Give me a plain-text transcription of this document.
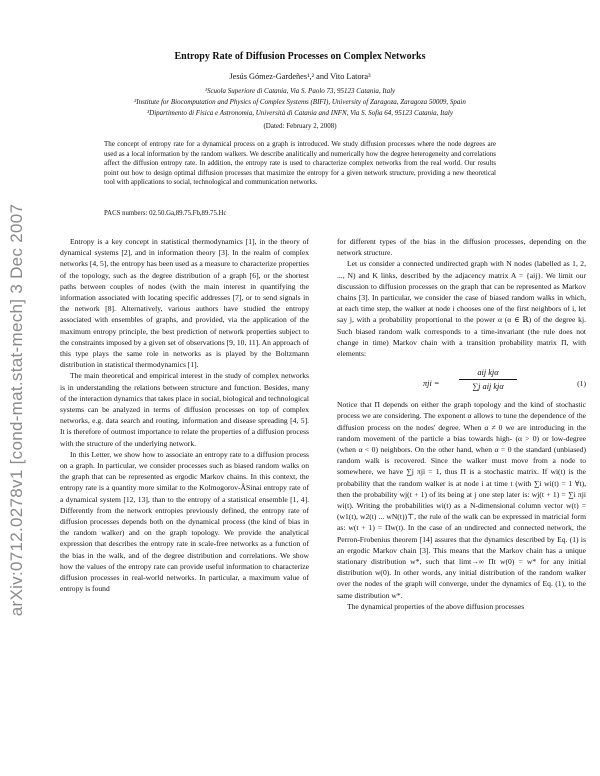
arXiv:0712.0278v1 [cond-mat.stat-mech] 3 Dec 2007
Entropy Rate of Diffusion Processes on Complex Networks
Jesús Gómez-Gardeñes¹,² and Vito Latora³
¹Scuola Superiore di Catania, Via S. Paolo 73, 95123 Catania, Italy
²Institute for Biocomputation and Physics of Complex Systems (BIFI), University of Zaragoza, Zaragoza 50009, Spain
³Dipartimento di Fisica e Astronomia, Università di Catania and INFN, Via S. Sofia 64, 95123 Catania, Italy
(Dated: February 2, 2008)

The concept of entropy rate for a dynamical process on a graph is introduced. We study diffusion processes where the node degrees are used as a local information by the random walkers. We describe analitically and numerically how the degree heterogeneity and correlations affect the diffusion entropy rate. In addition, the entropy rate is used to characterize complex networks from the real world. Our results point out how to design optimal diffusion processes that maximize the entropy for a given network structure, providing a new theoretical tool with applications to social, technological and communication networks.

PACS numbers: 02.50.Ga,89.75.Fb,89.75.Hc

Entropy is a key concept in statistical thermodynamics [1], in the theory of dynamical systems [2], and in information theory [3]. In the realm of complex networks [4, 5], the entropy has been used as a measure to characterize properties of the topology, such as the degree distribution of a graph [6], or the shortest paths between couples of nodes (with the main interest in quantifying the information associated with locating specific addresses [7], or to send signals in the network [8]. Alternatively, various authors have studied the entropy associated with ensembles of graphs, and provided, via the application of the maximum entropy principle, the best prediction of network properties subject to the constraints imposed by a given set of observations [9, 10, 11]. An approach of this type plays the same role in networks as is played by the Boltzmann distribution in statistical thermodynamics [1].

The main theoretical and empirical interest in the study of complex networks is in understanding the relations between structure and function. Besides, many of the interaction dynamics that takes place in social, biological and technological systems can be analyzed in terms of diffusion processes on top of complex networks, e.g. data search and routing, information and disease spreading [4, 5]. It is therefore of outmost importance to relate the properties of a diffusion process with the structure of the underlying network.

In this Letter, we show how to associate an entropy rate to a diffusion process on a graph. In particular, we consider processes such as biased random walks on the graph that can be represented as ergodic Markov chains. In this context, the entropy rate is a quantity more similar to the Kolmogorov-ÂSinai entropy rate of a dynamical system [12, 13], than to the entropy of a statistical ensemble [1, 4]. Differently from the network entropies previously defined, the entropy rate of diffusion processes depends both on the dynamical process (the kind of bias in the random walker) and on the graph topology. We provide the analytical expression that describes the entropy rate in scale-free networks as a function of the bias in the walk, and of the degree distribution and correlations. We show how the values of the entropy rate can provide useful information to characterize diffusion processes in real-world networks. In particular, a maximum value of entropy is found

for different types of the bias in the diffusion processes, depending on the network structure.

Let us consider a connected undirected graph with N nodes (labelled as 1, 2, ..., N) and K links, described by the adjacency matrix A = {aij}. We limit our discussion to diffusion processes on the graph that can be represented as Markov chains [3]. In particular, we consider the case of biased random walks in which, at each time step, the walker at node i chooses one of the first neighbors of i, let say j, with a probability proportional to the power α (α ∈ ℝ) of the degree kj. Such biased random walk corresponds to a time-invariant (the rule does not change in time) Markov chain with a transition probability matrix Π, with elements:

πji =
aij kjα
∑j aij kjα	(1)

Notice that Π depends on either the graph topology and the kind of stochastic process we are considering. The exponent α allows to tune the dependence of the diffusion process on the nodes' degree. When α ≠ 0 we are introducing in the random movement of the particle a bias towards high- (α > 0) or low-degree (when α < 0) neighbors. On the other hand, when α = 0 the standard (unbiased) random walk is recovered. Since the walker must move from a node to somewhere, we have ∑j πji = 1, thus Π is a stochastic matrix. If wi(t) is the probability that the random walker is at node i at time t (with ∑i wi(t) = 1 ∀t), then the probability wj(t + 1) of its being at j one step later is: wj(t + 1) = ∑i πji wi(t). Writing the probabilities wi(t) as a N-dimensional column vector w(t) = (w1(t), w2(t) ... wN(t))⊤, the rule of the walk can be expressed in matricial form as: w(t + 1) = Πw(t). In the case of an undirected and connected network, the Perron-Frobenius theorem [14] assures that the dynamics described by Eq. (1) is an ergodic Markov chain [3]. This means that the Markov chain has a unique stationary distribution w*, such that limt→∞ Πt w(0) = w* for any initial distribution w(0). In other words, any initial distribution of the random walker over the nodes of the graph will converge, under the dynamics of Eq. (1), to the same distribution w*.

The dynamical properties of the above diffusion processes
